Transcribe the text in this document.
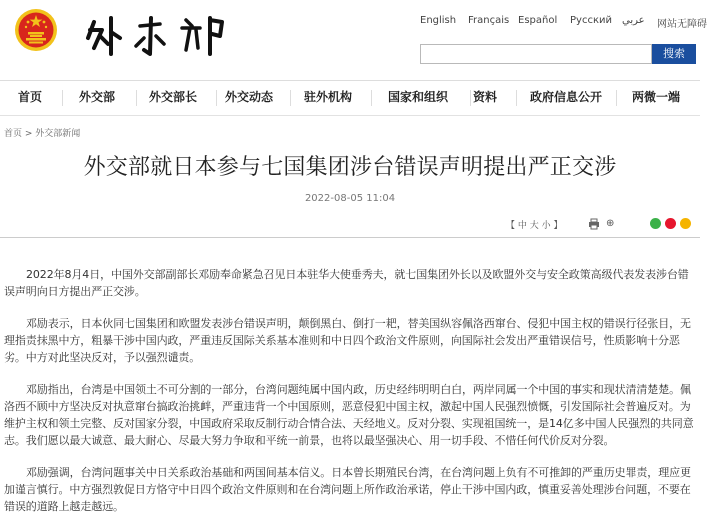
English Français Español Русский عربي 网站无障碍
搜索
首页	外交部	外交部长	外交动态	驻外机构	国家和组织	资料	政府信息公开	两微一端
首页 > 外交部新闻
外交部就日本参与七国集团涉台错误声明提出严正交涉
2022-08-05 11:04
【 中 大 小 】	⊕

2022年8月4日，中国外交部副部长邓励奉命紧急召见日本驻华大使垂秀夫，就七国集团外长以及欧盟外交与安全政策高级代表发表涉台错误声明向日方提出严正交涉。

邓励表示，日本伙同七国集团和欧盟发表涉台错误声明，颠倒黑白、倒打一耙，替美国纵容佩洛西窜台、侵犯中国主权的错误行径张目，无理指责抹黑中方，粗暴干涉中国内政，严重违反国际关系基本准则和中日四个政治文件原则，向国际社会发出严重错误信号，性质影响十分恶劣。中方对此坚决反对，予以强烈谴责。

邓励指出，台湾是中国领土不可分割的一部分，台湾问题纯属中国内政，历史经纬明明白白，两岸同属一个中国的事实和现状清清楚楚。佩洛西不顾中方坚决反对执意窜台搞政治挑衅，严重违背一个中国原则，恶意侵犯中国主权，激起中国人民强烈愤慨，引发国际社会普遍反对。为维护主权和领土完整、反对国家分裂，中国政府采取反制行动合情合法、天经地义。反对分裂、实现祖国统一，是14亿多中国人民强烈的共同意志。我们愿以最大诚意、最大耐心、尽最大努力争取和平统一前景，也将以最坚强决心、用一切手段、不惜任何代价反对分裂。

邓励强调，台湾问题事关中日关系政治基础和两国间基本信义。日本曾长期殖民台湾，在台湾问题上负有不可推卸的严重历史罪责，理应更加谨言慎行。中方强烈敦促日方恪守中日四个政治文件原则和在台湾问题上所作政治承诺，停止干涉中国内政，慎重妥善处理涉台问题，不要在错误的道路上越走越远。
